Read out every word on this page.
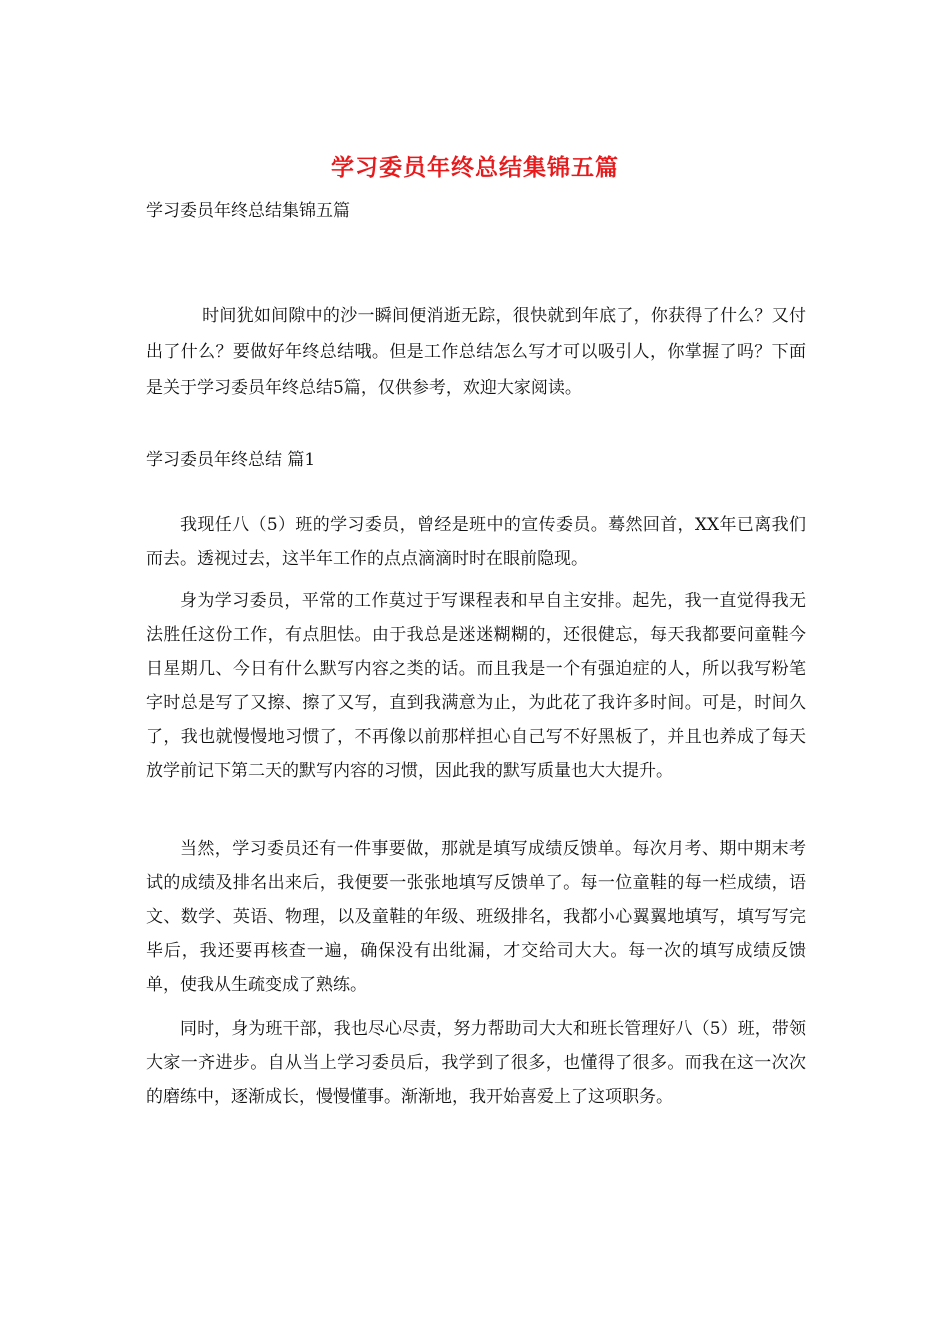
学习委员年终总结集锦五篇
学习委员年终总结集锦五篇

时间犹如间隙中的沙一瞬间便消逝无踪，很快就到年底了，你获得了什么？又付出了什么？要做好年终总结哦。但是工作总结怎么写才可以吸引人，你掌握了吗？下面是关于学习委员年终总结5篇，仅供参考，欢迎大家阅读。

学习委员年终总结 篇1

我现任八（5）班的学习委员，曾经是班中的宣传委员。蓦然回首，XX年已离我们而去。透视过去，这半年工作的点点滴滴时时在眼前隐现。

身为学习委员，平常的工作莫过于写课程表和早自主安排。起先，我一直觉得我无法胜任这份工作，有点胆怯。由于我总是迷迷糊糊的，还很健忘，每天我都要问童鞋今日星期几、今日有什么默写内容之类的话。而且我是一个有强迫症的人，所以我写粉笔字时总是写了又擦、擦了又写，直到我满意为止，为此花了我许多时间。可是，时间久了，我也就慢慢地习惯了，不再像以前那样担心自己写不好黑板了，并且也养成了每天放学前记下第二天的默写内容的习惯，因此我的默写质量也大大提升。

当然，学习委员还有一件事要做，那就是填写成绩反馈单。每次月考、期中期末考试的成绩及排名出来后，我便要一张张地填写反馈单了。每一位童鞋的每一栏成绩，语文、数学、英语、物理，以及童鞋的年级、班级排名，我都小心翼翼地填写，填写写完毕后，我还要再核查一遍，确保没有出纰漏，才交给司大大。每一次的填写成绩反馈单，使我从生疏变成了熟练。

同时，身为班干部，我也尽心尽责，努力帮助司大大和班长管理好八（5）班，带领大家一齐进步。自从当上学习委员后，我学到了很多，也懂得了很多。而我在这一次次的磨练中，逐渐成长，慢慢懂事。渐渐地，我开始喜爱上了这项职务。
